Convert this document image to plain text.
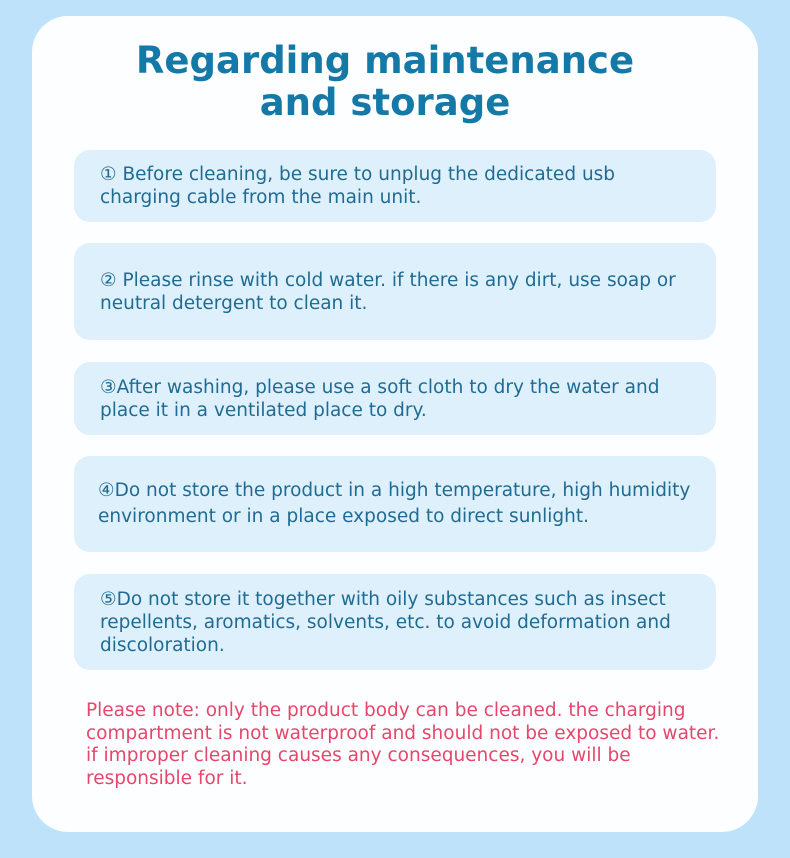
Regarding maintenance
and storage

① Before cleaning, be sure to unplug the dedicated usb charging cable from the main unit.

② Please rinse with cold water. if there is any dirt, use soap or neutral detergent to clean it.

③After washing, please use a soft cloth to dry the water and place it in a ventilated place to dry.

④Do not store the product in a high temperature, high humidity environment or in a place exposed to direct sunlight.

⑤Do not store it together with oily substances such as insect repellents, aromatics, solvents, etc. to avoid deformation and discoloration.

Please note: only the product body can be cleaned. the charging compartment is not waterproof and should not be exposed to water. if improper cleaning causes any consequences, you will be responsible for it.
